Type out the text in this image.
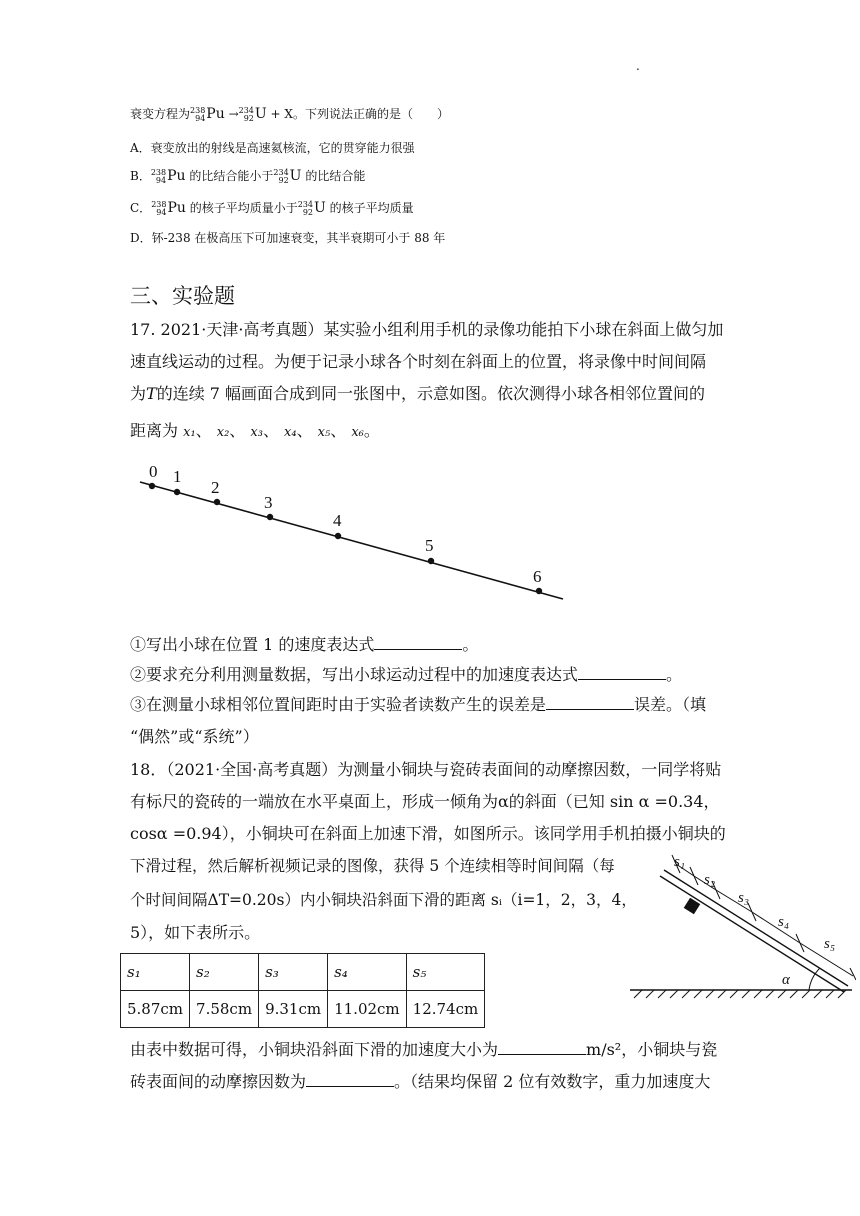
.
衰变方程为238
94Pu →234
92U + X。下列说法正确的是（　　）
A．衰变放出的射线是高速氦核流，它的贯穿能力很强
B．238
94Pu 的比结合能小于234
92U 的比结合能
C．238
94Pu 的核子平均质量小于234
92U 的核子平均质量
D．钚-238 在极高压下可加速衰变，其半衰期可小于 88 年
三、实验题
17. 2021·天津·高考真题）某实验小组利用手机的录像功能拍下小球在斜面上做匀加
速直线运动的过程。为便于记录小球各个时刻在斜面上的位置，将录像中时间间隔
为T的连续 7 幅画面合成到同一张图中，示意如图。依次测得小球各相邻位置间的
距离为 x₁、 x₂、 x₃、 x₄、 x₅、 x₆。
0 1
2
3
4
5
6
①写出小球在位置 1 的速度表达式	。
②要求充分利用测量数据，写出小球运动过程中的加速度表达式	。
③在测量小球相邻位置间距时由于实验者读数产生的误差是	误差。（填
“偶然”或“系统”）
18．（2021·全国·高考真题）为测量小铜块与瓷砖表面间的动摩擦因数，一同学将贴
有标尺的瓷砖的一端放在水平桌面上，形成一倾角为α的斜面（已知 sin α =0.34，
cosα =0.94），小铜块可在斜面上加速下滑，如图所示。该同学用手机拍摄小铜块的
下滑过程，然后解析视频记录的图像，获得 5 个连续相等时间间隔（每
个时间间隔ΔT=0.20s）内小铜块沿斜面下滑的距离 sᵢ（i=1，2，3，4，
5），如下表所示。
s₁	s₂	s₃	s₄	s₅
5.87cm	7.58cm	9.31cm	11.02cm	12.74cm
s₁
s₂
s₃
s₄
s₅
α
由表中数据可得，小铜块沿斜面下滑的加速度大小为	m/s²，小铜块与瓷
砖表面间的动摩擦因数为	。（结果均保留 2 位有效数字，重力加速度大
